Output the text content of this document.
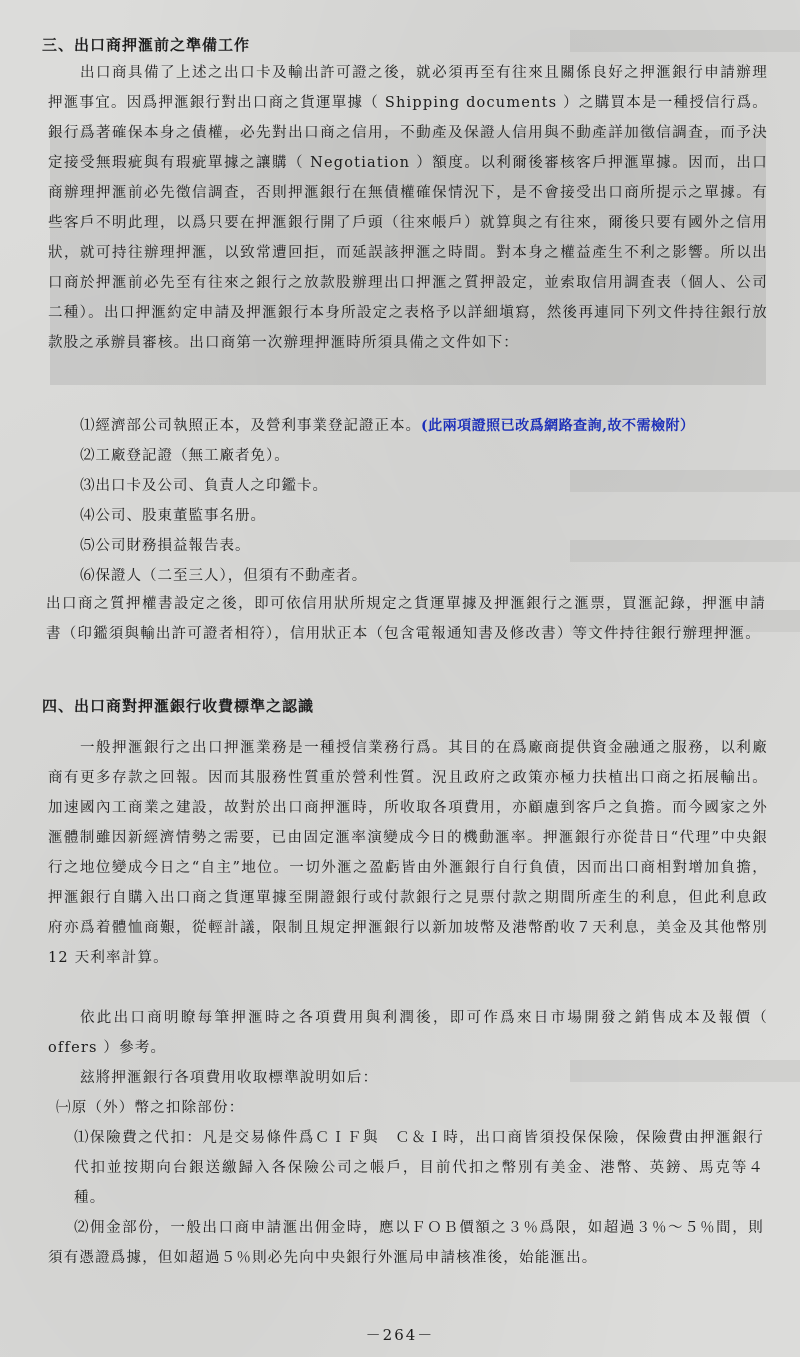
三、出口商押滙前之準備工作
出口商具備了上述之出口卡及輸出許可證之後，就必須再至有往來且關係良好之押滙銀行申請辦理押滙事宜。因爲押滙銀行對出口商之貨運單據（ Shipping documents ）之購買本是一種授信行爲。銀行爲著確保本身之債權，必先對出口商之信用，不動產及保證人信用與不動產詳加徵信調査，而予決定接受無瑕疵與有瑕疵單據之讓購（ Negotiation ）額度。以利爾後審核客戶押滙單據。因而，出口商辦理押滙前必先徵信調査，否則押滙銀行在無債權確保情況下，是不會接受出口商所提示之單據。有些客戶不明此理，以爲只要在押滙銀行開了戶頭（往來帳戶）就算與之有往來，爾後只要有國外之信用狀，就可持往辦理押滙，以致常遭回拒，而延誤該押滙之時間。對本身之權益產生不利之影響。所以出口商於押滙前必先至有往來之銀行之放款股辦理出口押滙之質押設定，並索取信用調査表（個人、公司二種）。出口押滙約定申請及押滙銀行本身所設定之表格予以詳細塡寫，然後再連同下列文件持往銀行放款股之承辦員審核。出口商第一次辦理押滙時所須具備之文件如下：
⑴經濟部公司執照正本，及營利事業登記證正本。(此兩項證照已改爲網路查詢,故不需檢附）
⑵工廠登記證（無工廠者免）。
⑶出口卡及公司、負責人之印鑑卡。
⑷公司、股東董監事名册。
⑸公司財務損益報告表。
⑹保證人（二至三人），但須有不動產者。
出口商之質押權書設定之後，即可依信用狀所規定之貨運單據及押滙銀行之滙票，買滙記錄，押滙申請書（印鑑須與輸出許可證者相符），信用狀正本（包含電報通知書及修改書）等文件持往銀行辦理押滙。
四、出口商對押滙銀行收費標準之認識
一般押滙銀行之出口押滙業務是一種授信業務行爲。其目的在爲廠商提供資金融通之服務，以利廠商有更多存款之回報。因而其服務性質重於營利性質。況且政府之政策亦極力扶植出口商之拓展輸出。加速國內工商業之建設，故對於出口商押滙時，所收取各項費用，亦顧慮到客戶之負擔。而今國家之外滙體制雖因新經濟情勢之需要，已由固定滙率演變成今日的機動滙率。押滙銀行亦從昔日“代理”中央銀行之地位變成今日之“自主”地位。一切外滙之盈虧皆由外滙銀行自行負債，因而出口商相對增加負擔，押滙銀行自購入出口商之貨運單據至開證銀行或付款銀行之見票付款之期間所產生的利息，但此利息政府亦爲着體恤商艱，從輕計議，限制且規定押滙銀行以新加坡幣及港幣酌收７天利息，美金及其他幣別 12 天利率計算。
依此出口商明瞭每筆押滙時之各項費用與利潤後，即可作爲來日市場開發之銷售成本及報價（ offers ）參考。
玆將押滙銀行各項費用收取標準說明如后：
㈠原（外）幣之扣除部份：
⑴保險費之代扣：凡是交易條件爲ＣＩＦ與　Ｃ＆Ｉ時，出口商皆須投保保險，保險費由押滙銀行代扣並按期向台銀送繳歸入各保險公司之帳戶，目前代扣之幣別有美金、港幣、英鎊、馬克等４種。
⑵佣金部份，一般出口商申請滙出佣金時，應以ＦＯＢ價額之３％爲限，如超過３％～５％間，則須有憑證爲據，但如超過５％則必先向中央銀行外滙局申請核准後，始能滙出。
－264－
